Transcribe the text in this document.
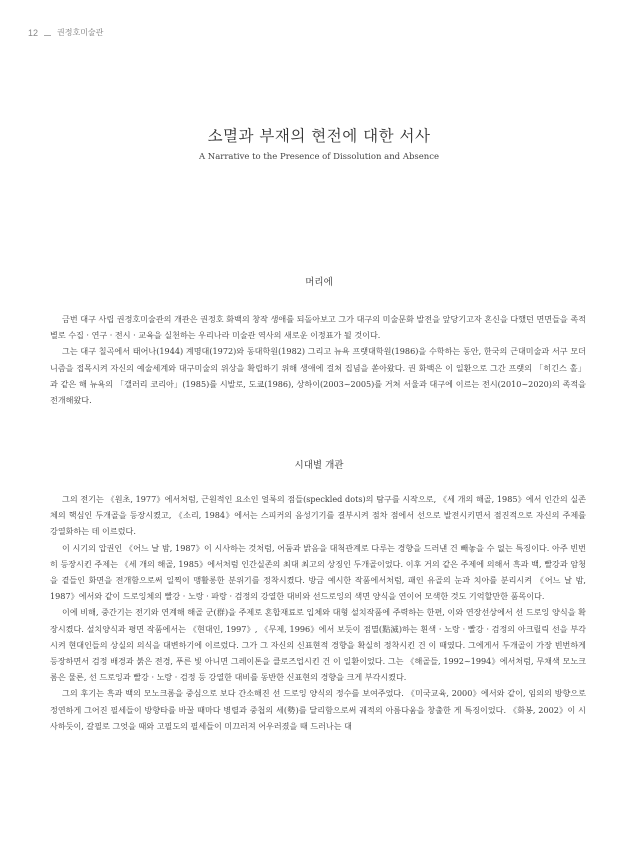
12 권정호미술관
소멸과 부재의 현전에 대한 서사
A Narrative to the Presence of Dissolution and Absence
머리에

금번 대구 사립 권정호미술관의 개관은 권정호 화백의 창작 생애를 되돌아보고 그가 대구의 미술문화 발전을 앞당기고자 혼신을 다했던 면면들을 족적 별로 수집 · 연구 · 전시 · 교육을 실천하는 우리나라 미술관 역사의 새로운 이정표가 될 것이다.

그는 대구 칠곡에서 태어나(1944) 계명대(1972)와 동대학원(1982) 그리고 뉴욕 프랫대학원(1986)을 수학하는 동안, 한국의 근대미술과 서구 모더니즘을 접목시켜 자신의 예술세계와 대구미술의 위상을 확립하기 위해 생애에 걸쳐 집념을 쏟아왔다. 권 화백은 이 일환으로 그간 프랫의 「히긴스 홀」과 같은 해 뉴욕의 「갤러리 코리아」(1985)를 시발로, 도쿄(1986), 상하이(2003~2005)를 거쳐 서울과 대구에 이르는 전시(2010~2020)의 족적을 전개해왔다.

시대별 개관

그의 전기는 《원초, 1977》에서처럼, 근원적인 요소인 얼룩의 점들(speckled dots)의 탐구를 시작으로, 《세 개의 해골, 1985》에서 인간의 실존체의 핵심인 두개골을 등장시켰고, 《소리, 1984》에서는 스피커의 음성기기를 결부시켜 점차 점에서 선으로 발전시키면서 점진적으로 자신의 주제를 강열화하는 데 이르렀다.

이 시기의 압권인 《어느 날 밤, 1987》이 시사하는 것처럼, 어둠과 밝음을 대척관계로 다루는 경향을 드러낸 건 빼놓을 수 없는 특징이다. 아주 빈번히 등장시킨 주제는 《세 개의 해골, 1985》에서처럼 인간실존의 최대 최고의 상징인 두개골이었다. 이후 거의 같은 주제에 의해서 흑과 백, 빨강과 암청을 곁들인 화면을 전개함으로써 일찍이 맹활롱한 분위기를 정착시켰다. 방금 예시한 작품에서처럼, 패인 유골의 눈과 치아를 분리시켜 《어느 날 밤, 1987》에서와 같이 드로잉체의 빨강 · 노랑 · 파랑 · 검정의 강열한 대비와 선드로잉의 색면 양식을 연이어 모색한 것도 기억할만한 품목이다.

이에 비해, 중간기는 전기와 연계해 해골 군(群)을 주제로 혼합재료로 입체와 대형 설치작품에 주력하는 한편, 이와 연장선상에서 선 드로잉 양식을 확장시켰다. 설치양식과 평면 작품에서는 《현대인, 1997》, 《무제, 1996》에서 보듯이 점멸(點滅)하는 흰색 · 노랑 · 빨강 · 검정의 아크릴릭 선을 부각시켜 현대인들의 상실의 의식을 대변하기에 이르렀다. 그가 그 자신의 신표현적 경향을 확실히 정착시킨 건 이 때였다. 그에게서 두개골이 가장 빈번하게 등장하면서 검정 배경과 붉은 전경, 푸른 빛 아니면 그레이톤을 클로즈업시킨 건 이 일환이었다. 그는 《해골들, 1992~1994》에서처럼, 무채색 모노크롬은 물론, 선 드로잉과 빨강 · 노랑 · 검정 등 강열한 대비를 동반한 신표현의 경향을 크게 부각시켰다.

그의 후기는 흑과 백의 모노크롬을 중심으로 보다 간소해진 선 드로잉 양식의 정수를 보여주었다. 《미국교육, 2000》에서와 같이, 임의의 방향으로 정연하게 그어진 필세들이 방향타를 바꿀 때마다 병렬과 중첩의 세(勢)를 달리함으로써 궤적의 아름다움을 창출한 게 특징이었다. 《화봉, 2002》이 시사하듯이, 갈필로 그엇을 때와 고필도의 필세들이 미끄러져 어우러졌을 때 드러나는 대
